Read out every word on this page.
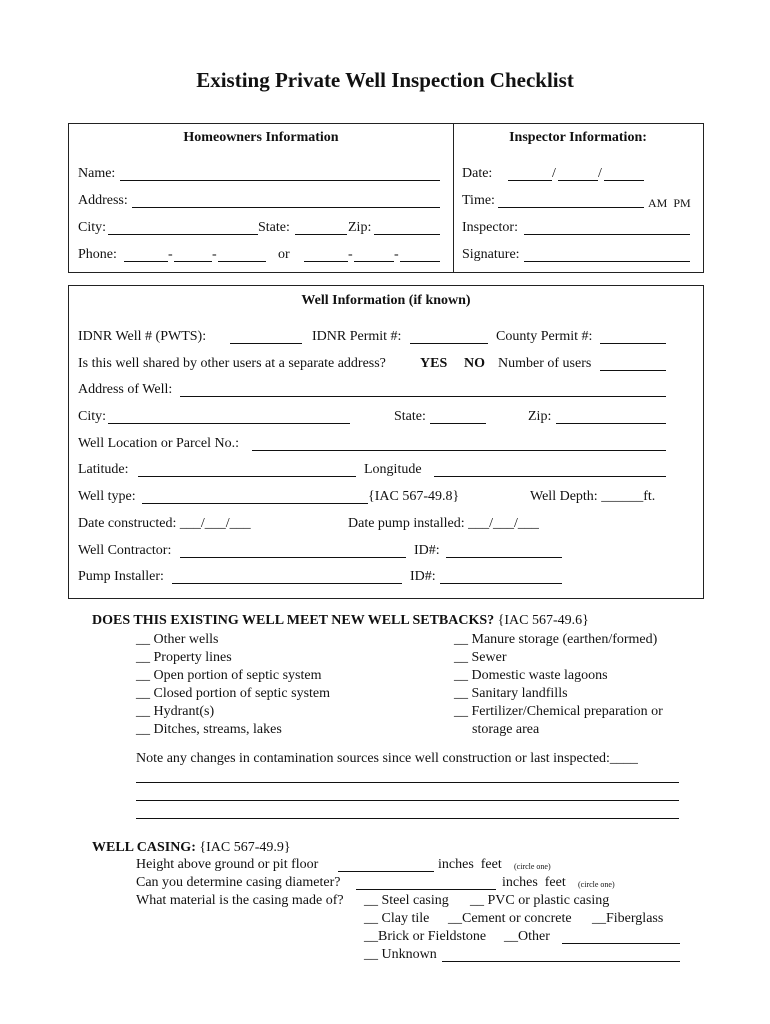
Existing Private Well Inspection Checklist
Homeowners Information	Inspector Information:
Name:
Address:
City:	State:	Zip:
Phone:	-	-	or	-	-
Date:	/	/
Time:	AM  PM
Inspector:
Signature:
Well Information (if known)
IDNR Well # (PWTS):	IDNR Permit #:	County Permit #:
Is this well shared by other users at a separate address? YES NO Number of users
Address of Well:
City:	State:	Zip:
Well Location or Parcel No.:
Latitude:	Longitude
Well type:	{IAC 567-49.8}	Well Depth: ______ft.
Date constructed: ___/___/___	Date pump installed: ___/___/___
Well Contractor:	ID#:
Pump Installer:	ID#:
DOES THIS EXISTING WELL MEET NEW WELL SETBACKS? {IAC 567-49.6}
__ Other wells
__ Property lines
__ Open portion of septic system
__ Closed portion of septic system
__ Hydrant(s)
__ Ditches, streams, lakes
__ Manure storage (earthen/formed)
__ Sewer
__ Domestic waste lagoons
__ Sanitary landfills
__ Fertilizer/Chemical preparation or
storage area
Note any changes in contamination sources since well construction or last inspected:____
WELL CASING: {IAC 567-49.9}
Height above ground or pit floor	inches  feet (circle one)
Can you determine casing diameter?	inches  feet (circle one)
What material is the casing made of? __ Steel casing __ PVC or plastic casing
__ Clay tile __Cement or concrete __Fiberglass
__Brick or Fieldstone __Other
__ Unknown
